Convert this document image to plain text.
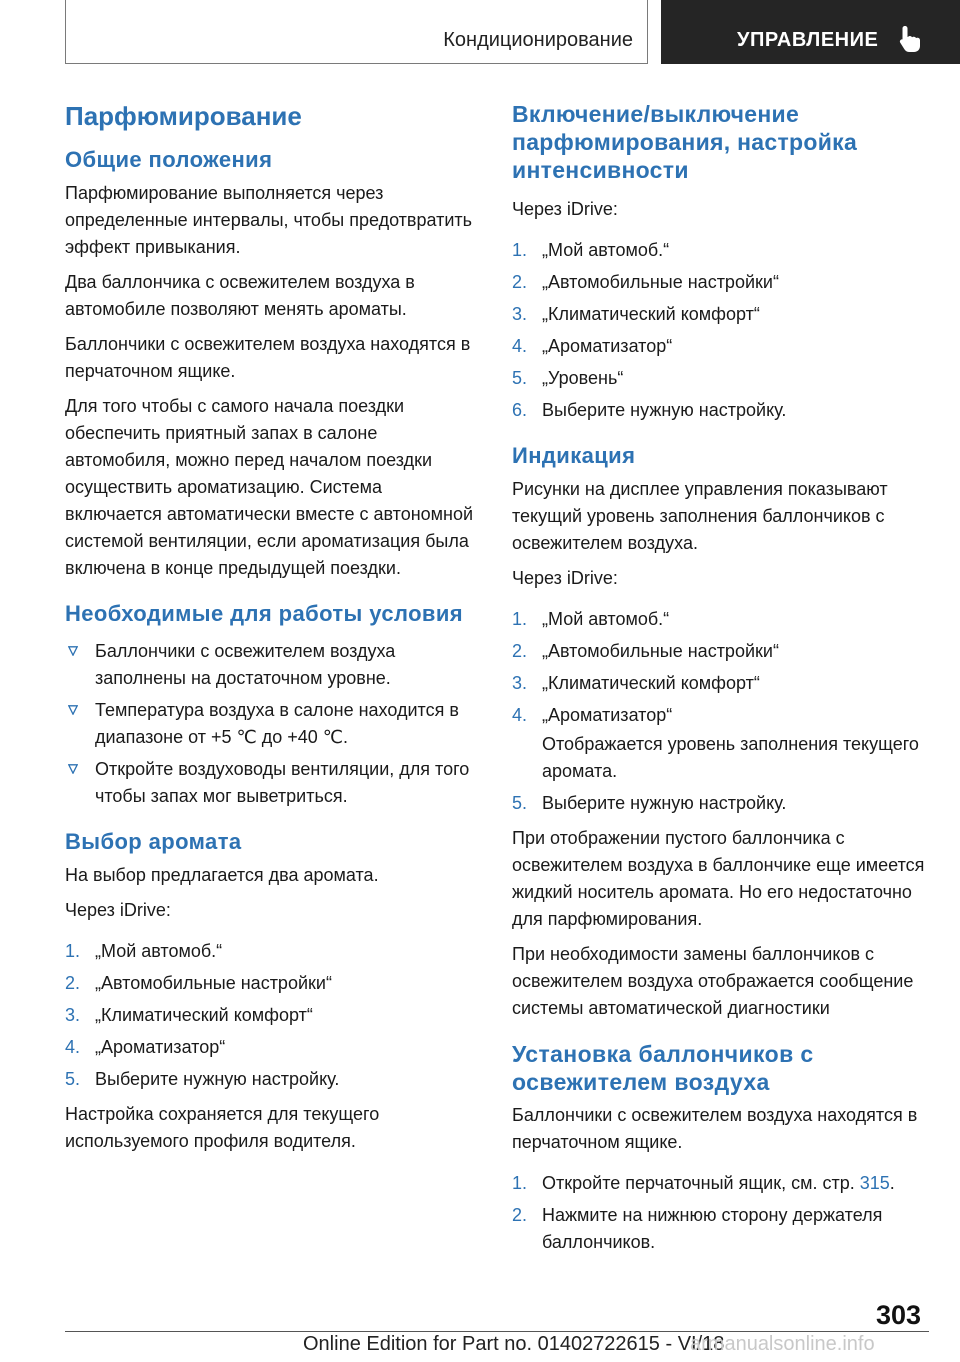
Кондиционирование	УПРАВЛЕНИЕ
Парфюмирование
Общие положения

Парфюмирование выполняется через определенные интервалы, чтобы предотвратить эффект привыкания.

Два баллончика с освежителем воздуха в автомобиле позволяют менять ароматы.

Баллончики с освежителем воздуха находятся в перчаточном ящике.

Для того чтобы с самого начала поездки обеспечить приятный запах в салоне автомобиля, можно перед началом поездки осуществить ароматизацию. Система включается автоматически вместе с автономной системой вентиляции, если ароматизация была включена в конце предыдущей поездки.

Необходимые для работы условия
Баллончики с освежителем воздуха заполнены на достаточном уровне.
Температура воздуха в салоне находится в диапазоне от +5 ℃ до +40 ℃.
Откройте воздуховоды вентиляции, для того чтобы запах мог выветриться.
Выбор аромата

На выбор предлагается два аромата.

Через iDrive:

1. „Мой автомоб.“
2. „Автомобильные настройки“
3. „Климатический комфорт“
4. „Ароматизатор“
5. Выберите нужную настройку.

Настройка сохраняется для текущего используемого профиля водителя.

Включение/выключение парфюмирования, настройка интенсивности

Через iDrive:

1. „Мой автомоб.“
2. „Автомобильные настройки“
3. „Климатический комфорт“
4. „Ароматизатор“
5. „Уровень“
6. Выберите нужную настройку.
Индикация

Рисунки на дисплее управления показывают текущий уровень заполнения баллончиков с освежителем воздуха.

Через iDrive:

1. „Мой автомоб.“
2. „Автомобильные настройки“
3. „Климатический комфорт“
4. „Ароматизатор“
Отображается уровень заполнения текущего аромата.
5. Выберите нужную настройку.

При отображении пустого баллончика с освежителем воздуха в баллончике еще имеется жидкий носитель аромата. Но его недостаточно для парфюмирования.

При необходимости замены баллончиков с освежителем воздуха отображается сообщение системы автоматической диагностики

Установка баллончиков с освежителем воздуха

Баллончики с освежителем воздуха находятся в перчаточном ящике.

1. Откройте перчаточный ящик, см. стр. 315.
2. Нажмите на нижнюю сторону держателя баллончиков.
303
Online Edition for Part no. 01402722615 - VI/18
armanualsonline.info
